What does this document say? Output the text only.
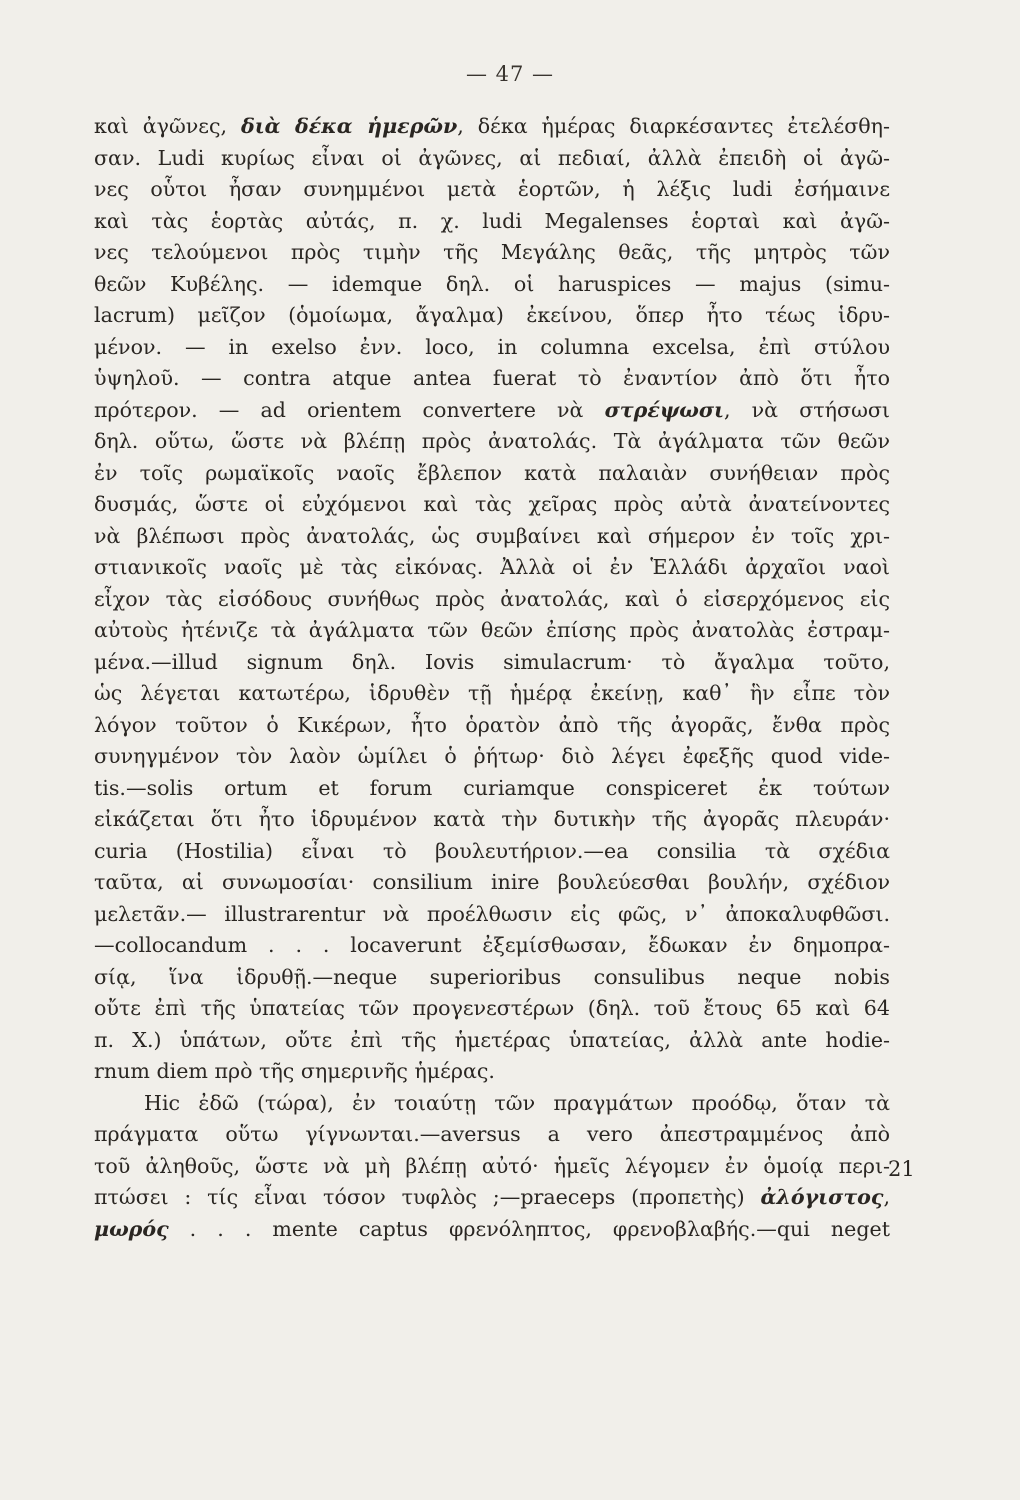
— 47 —
καὶ ἀγῶνες, διὰ δέκα ἡμερῶν, δέκα ἡμέρας διαρκέσαντες ἐτελέσθη-
σαν. Ludi κυρίως εἶναι οἱ ἀγῶνες, αἱ πεδιαί, ἀλλὰ ἐπειδὴ οἱ ἀγῶ-
νες οὗτοι ἦσαν συνημμένοι μετὰ ἑορτῶν, ἡ λέξις ludi ἐσήμαινε
καὶ τὰς ἑορτὰς αὐτάς, π. χ. ludi Megalenses ἑορταὶ καὶ ἀγῶ-
νες τελούμενοι πρὸς τιμὴν τῆς Μεγάλης θεᾶς, τῆς μητρὸς τῶν
θεῶν Κυβέλης. — idemque δηλ. οἱ haruspices — majus (simu-
lacrum) μεῖζον (ὁμοίωμα, ἄγαλμα) ἐκείνου, ὅπερ ἦτο τέως ἱδρυ-
μένον. — in exelso ἐνν. loco, in columna excelsa, ἐπὶ στύλου
ὑψηλοῦ. — contra atque antea fuerat τὸ ἐναντίον ἀπὸ ὅτι ἦτο
πρότερον. — ad orientem convertere νὰ στρέψωσι, νὰ στήσωσι
δηλ. οὕτω, ὥστε νὰ βλέπῃ πρὸς ἀνατολάς. Τὰ ἀγάλματα τῶν θεῶν
ἐν τοῖς ρωμαϊκοῖς ναοῖς ἔβλεπον κατὰ παλαιὰν συνήθειαν πρὸς
δυσμάς, ὥστε οἱ εὐχόμενοι καὶ τὰς χεῖρας πρὸς αὐτὰ ἀνατείνοντες
νὰ βλέπωσι πρὸς ἀνατολάς, ὡς συμβαίνει καὶ σήμερον ἐν τοῖς χρι-
στιανικοῖς ναοῖς μὲ τὰς εἰκόνας. Ἀλλὰ οἱ ἐν Ἑλλάδι ἀρχαῖοι ναοὶ
εἶχον τὰς εἰσόδους συνήθως πρὸς ἀνατολάς, καὶ ὁ εἰσερχόμενος εἰς
αὐτοὺς ἠτένιζε τὰ ἀγάλματα τῶν θεῶν ἐπίσης πρὸς ἀνατολὰς ἐστραμ-
μένα.—illud signum δηλ. Iovis simulacrum· τὸ ἄγαλμα τοῦτο,
ὡς λέγεται κατωτέρω, ἱδρυθὲν τῇ ἡμέρᾳ ἐκείνῃ, καθ᾿ ἣν εἶπε τὸν
λόγον τοῦτον ὁ Κικέρων, ἦτο ὁρατὸν ἀπὸ τῆς ἀγορᾶς, ἔνθα πρὸς
συνηγμένον τὸν λαὸν ὡμίλει ὁ ῥήτωρ· διὸ λέγει ἐφεξῆς quod vide-
tis.—solis ortum et forum curiamque conspiceret ἐκ τούτων
εἰκάζεται ὅτι ἦτο ἱδρυμένον κατὰ τὴν δυτικὴν τῆς ἀγορᾶς πλευράν·
curia (Hostilia) εἶναι τὸ βουλευτήριον.—ea consilia τὰ σχέδια
ταῦτα, αἱ συνωμοσίαι· consilium inire βουλεύεσθαι βουλήν, σχέδιον
μελετᾶν.— illustrarentur νὰ προέλθωσιν εἰς φῶς, ν᾿ ἀποκαλυφθῶσι.
—collocandum . . . locaverunt ἐξεμίσθωσαν, ἔδωκαν ἐν δημοπρα-
σίᾳ, ἵνα ἱδρυθῇ.—neque superioribus consulibus neque nobis
οὔτε ἐπὶ τῆς ὑπατείας τῶν προγενεστέρων (δηλ. τοῦ ἔτους 65 καὶ 64
π. Χ.) ὑπάτων, οὔτε ἐπὶ τῆς ἡμετέρας ὑπατείας, ἀλλὰ ante hodie-
rnum diem πρὸ τῆς σημερινῆς ἡμέρας.
Hic ἐδῶ (τώρα), ἐν τοιαύτῃ τῶν πραγμάτων προόδῳ, ὅταν τὰ
πράγματα οὕτω γίγνωνται.—aversus a vero ἀπεστραμμένος ἀπὸ
τοῦ ἀληθοῦς, ὥστε νὰ μὴ βλέπῃ αὐτό· ἡμεῖς λέγομεν ἐν ὁμοίᾳ περι-
πτώσει : τίς εἶναι τόσον τυφλὸς ;—praeceps (προπετὴς) ἀλόγιστος,
μωρός . . . mente captus φρενόληπτος, φρενοβλαβής.—qui neget
21
